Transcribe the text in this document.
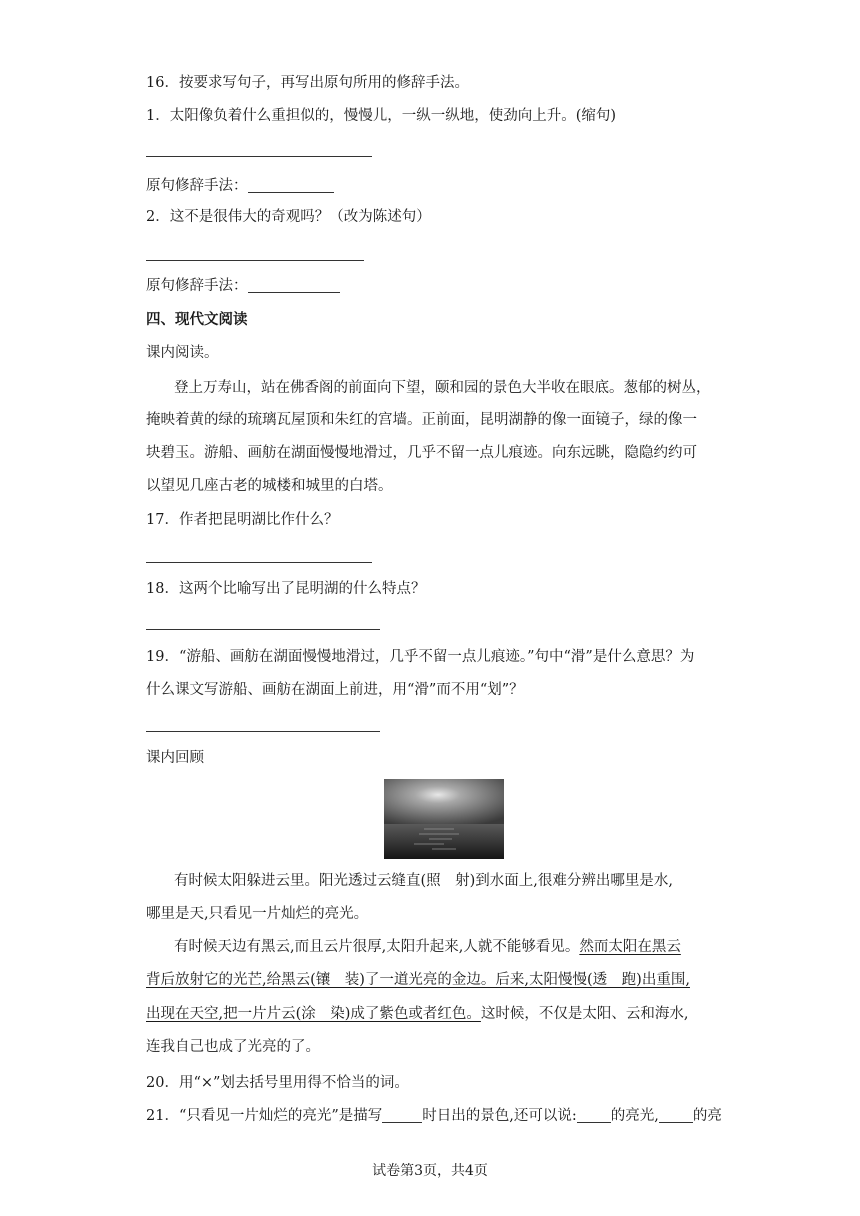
16．按要求写句子，再写出原句所用的修辞手法。
1．太阳像负着什么重担似的，慢慢儿，一纵一纵地，使劲向上升。(缩句)
原句修辞手法：
2．这不是很伟大的奇观吗？（改为陈述句）
原句修辞手法：
四、现代文阅读
课内阅读。
登上万寿山，站在佛香阁的前面向下望，颐和园的景色大半收在眼底。葱郁的树丛，
掩映着黄的绿的琉璃瓦屋顶和朱红的宫墙。正前面，昆明湖静的像一面镜子，绿的像一
块碧玉。游船、画舫在湖面慢慢地滑过，几乎不留一点儿痕迹。向东远眺，隐隐约约可
以望见几座古老的城楼和城里的白塔。
17．作者把昆明湖比作什么？
18．这两个比喻写出了昆明湖的什么特点？
19．“游船、画舫在湖面慢慢地滑过，几乎不留一点儿痕迹。”句中“滑”是什么意思？为
什么课文写游船、画舫在湖面上前进，用“滑”而不用“划”？
课内回顾
有时候太阳躲进云里。阳光透过云缝直(照　射)到水面上,很难分辨出哪里是水,
哪里是天,只看见一片灿烂的亮光。
有时候天边有黑云,而且云片很厚,太阳升起来,人就不能够看见。然而太阳在黑云
背后放射它的光芒,给黑云(镶　装)了一道光亮的金边。后来,太阳慢慢(透　跑)出重围,
出现在天空,把一片片云(涂　染)成了紫色或者红色。这时候，不仅是太阳、云和海水,
连我自己也成了光亮的了。
20．用“×”划去括号里用得不恰当的词。
21．“只看见一片灿烂的亮光”是描写	时日出的景色,还可以说: 的亮光, 的亮
试卷第3页，共4页
